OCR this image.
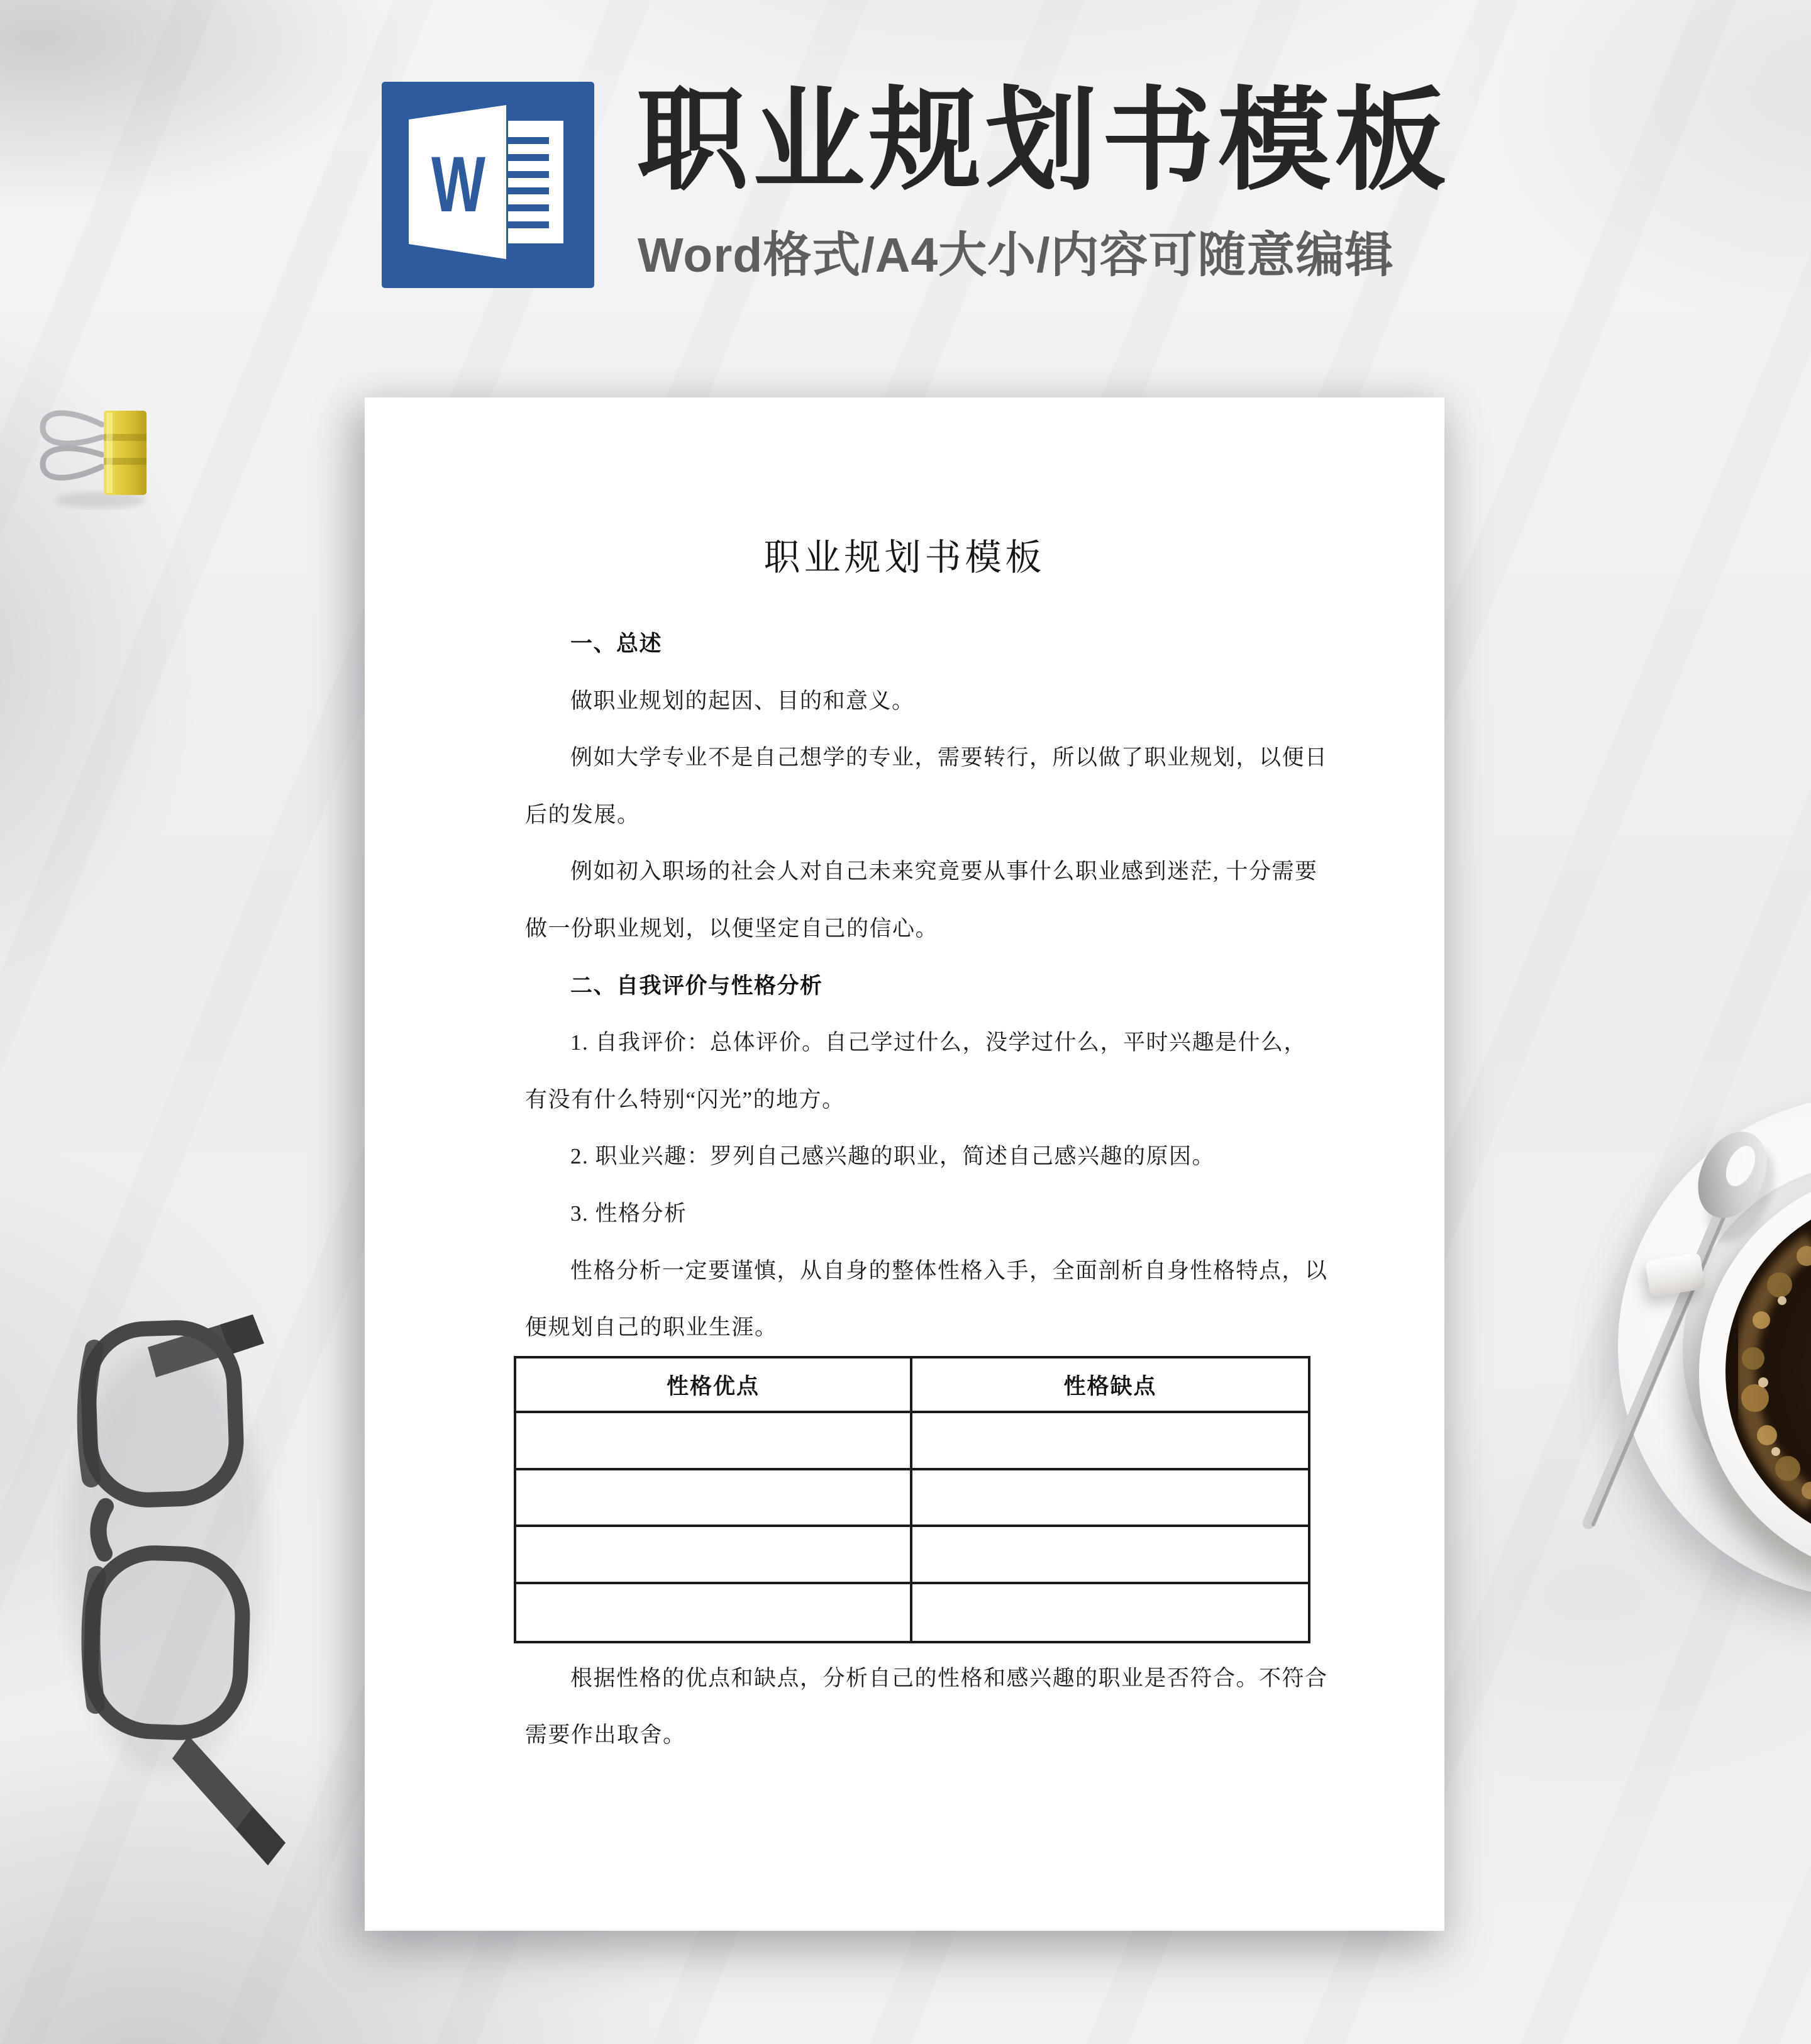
W 职业规划书模板
Word格式/A4大小/内容可随意编辑
职业规划书模板
一、总述
做职业规划的起因、目的和意义。
例如大学专业不是自己想学的专业，需要转行，所以做了职业规划，以便日
后的发展。
例如初入职场的社会人对自己未来究竟要从事什么职业感到迷茫, 十分需要
做一份职业规划，以便坚定自己的信心。
二、自我评价与性格分析
1. 自我评价：总体评价。自己学过什么，没学过什么，平时兴趣是什么，
有没有什么特别“闪光”的地方。
2. 职业兴趣：罗列自己感兴趣的职业，简述自己感兴趣的原因。
3. 性格分析
性格分析一定要谨慎，从自身的整体性格入手，全面剖析自身性格特点，以
便规划自己的职业生涯。
性格优点	性格缺点
根据性格的优点和缺点，分析自己的性格和感兴趣的职业是否符合。不符合
需要作出取舍。
